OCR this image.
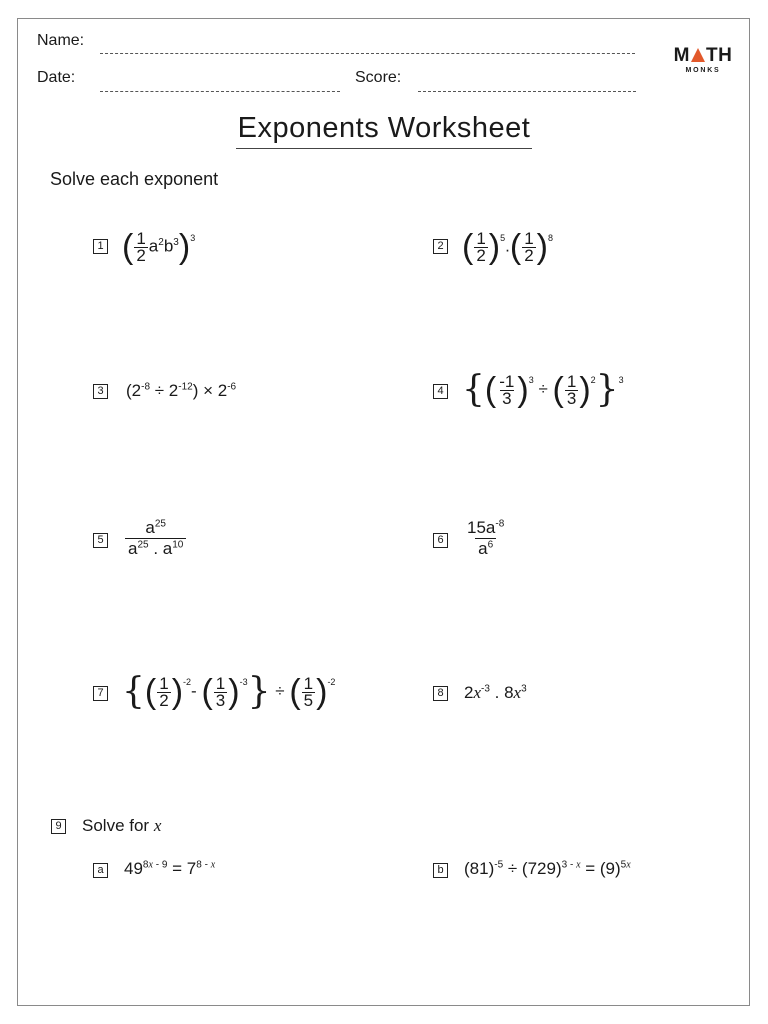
Name:
Date:	Score:
M TH
MONKS
Exponents Worksheet
Solve each exponent
1 ( $\frac{1}{2} a^2b^3)^3$
2 ( $\frac{1}{2} )^5.( \frac{1}{2} )^8$
3 $(2^{-8} \div 2^{-12}) \times 2^{-6}$	4 {( $\frac{-1}{3} )^3$ ÷ ( $\frac{1}{3} )^2\}^3$
$5 \frac{a^{25}}{a^{25} . a^{10}}$	$6 \frac{15a^{-8}}{a^6}$
7 {( $\frac{1}{2} )^{-2}-$ ( $\frac{1}{3} )^{-3}$} ÷ ( $\frac{1}{5} )^{-2}$
8 $2x^{-3}$ . $8x^3$
9 Solve for x
a $49^{8x - 9} = 7^{8 - x}$	b $(81)^{-5} \div (729)^{3 - x} = (9)^{5x}$
